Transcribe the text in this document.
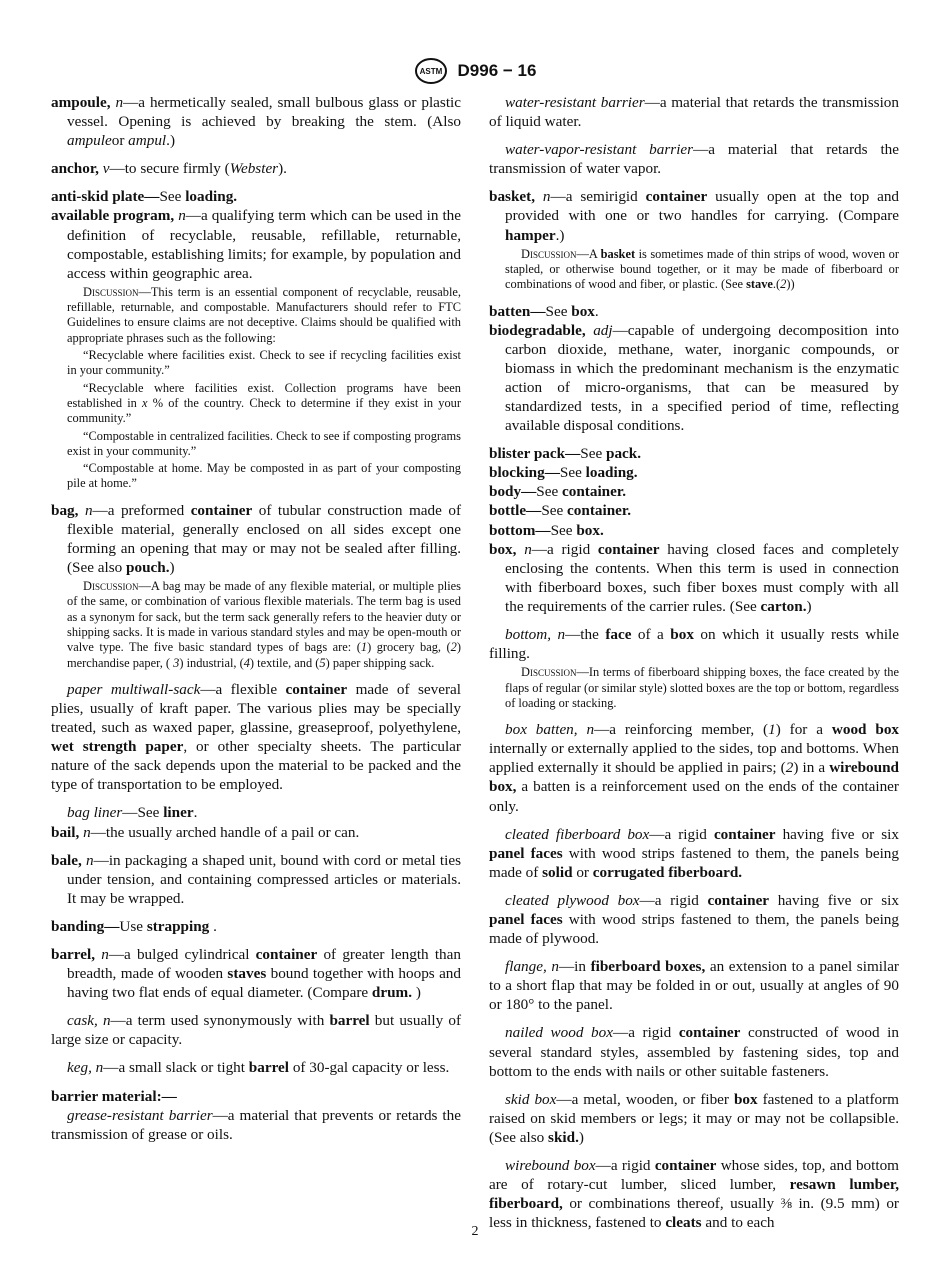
ASTM D996 − 16

ampoule, n—a hermetically sealed, small bulbous glass or plastic vessel. Opening is achieved by breaking the stem. (Also ampuleor ampul.)

anchor, v—to secure firmly (Webster).

anti-skid plate—See loading.

available program, n—a qualifying term which can be used in the definition of recyclable, reusable, refillable, returnable, compostable, establishing limits; for example, by population and access within geographic area.

Discussion—This term is an essential component of recyclable, reusable, refillable, returnable, and compostable. Manufacturers should refer to FTC Guidelines to ensure claims are not deceptive. Claims should be qualified with appropriate phrases such as the following:

“Recyclable where facilities exist. Check to see if recycling facilities exist in your community.”

“Recyclable where facilities exist. Collection programs have been established in x % of the country. Check to determine if they exist in your community.”

“Compostable in centralized facilities. Check to see if composting programs exist in your community.”

“Compostable at home. May be composted in as part of your composting pile at home.”

bag, n—a preformed container of tubular construction made of flexible material, generally enclosed on all sides except one forming an opening that may or may not be sealed after filling. (See also pouch.)

Discussion—A bag may be made of any flexible material, or multiple plies of the same, or combination of various flexible materials. The term bag is used as a synonym for sack, but the term sack generally refers to the heavier duty or shipping sacks. It is made in various standard styles and may be open-mouth or valve type. The five basic standard types of bags are: (1) grocery bag, (2) merchandise paper, ( 3) industrial, (4) textile, and (5) paper shipping sack.

paper multiwall-sack—a flexible container made of several plies, usually of kraft paper. The various plies may be specially treated, such as waxed paper, glassine, greaseproof, polyethylene, wet strength paper, or other specialty sheets. The particular nature of the sack depends upon the material to be packed and the type of transportation to be employed.

bag liner—See liner.

bail, n—the usually arched handle of a pail or can.

bale, n—in packaging a shaped unit, bound with cord or metal ties under tension, and containing compressed articles or materials. It may be wrapped.

banding—Use strapping .

barrel, n—a bulged cylindrical container of greater length than breadth, made of wooden staves bound together with hoops and having two flat ends of equal diameter. (Compare drum. )

cask, n—a term used synonymously with barrel but usually of large size or capacity.

keg, n—a small slack or tight barrel of 30-gal capacity or less.

barrier material:—

grease-resistant barrier—a material that prevents or retards the transmission of grease or oils.

water-resistant barrier—a material that retards the transmission of liquid water.

water-vapor-resistant barrier—a material that retards the transmission of water vapor.

basket, n—a semirigid container usually open at the top and provided with one or two handles for carrying. (Compare hamper.)

Discussion—A basket is sometimes made of thin strips of wood, woven or stapled, or otherwise bound together, or it may be made of fiberboard or combinations of wood and fiber, or plastic. (See stave.(2))

batten—See box.

biodegradable, adj—capable of undergoing decomposition into carbon dioxide, methane, water, inorganic compounds, or biomass in which the predominant mechanism is the enzymatic action of micro-organisms, that can be measured by standardized tests, in a specified period of time, reflecting available disposal conditions.

blister pack—See pack.

blocking—See loading.

body—See container.

bottle—See container.

bottom—See box.

box, n—a rigid container having closed faces and completely enclosing the contents. When this term is used in connection with fiberboard boxes, such fiber boxes must comply with all the requirements of the carrier rules. (See carton.)

bottom, n—the face of a box on which it usually rests while filling.

Discussion—In terms of fiberboard shipping boxes, the face created by the flaps of regular (or similar style) slotted boxes are the top or bottom, regardless of loading or stacking.

box batten, n—a reinforcing member, (1) for a wood box internally or externally applied to the sides, top and bottoms. When applied externally it should be applied in pairs; (2) in a wirebound box, a batten is a reinforcement used on the ends of the container only.

cleated fiberboard box—a rigid container having five or six panel faces with wood strips fastened to them, the panels being made of solid or corrugated fiberboard.

cleated plywood box—a rigid container having five or six panel faces with wood strips fastened to them, the panels being made of plywood.

flange, n—in fiberboard boxes, an extension to a panel similar to a short flap that may be folded in or out, usually at angles of 90 or 180° to the panel.

nailed wood box—a rigid container constructed of wood in several standard styles, assembled by fastening sides, top and bottom to the ends with nails or other suitable fasteners.

skid box—a metal, wooden, or fiber box fastened to a platform raised on skid members or legs; it may or may not be collapsible. (See also skid.)

wirebound box—a rigid container whose sides, top, and bottom are of rotary-cut lumber, sliced lumber, resawn lumber, fiberboard, or combinations thereof, usually ⅜ in. (9.5 mm) or less in thickness, fastened to cleats and to each

2
